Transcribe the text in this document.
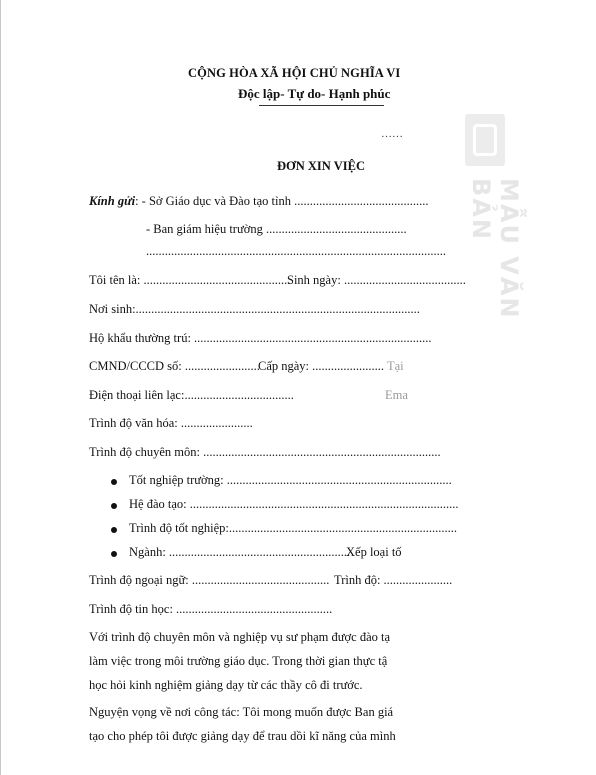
MẪU VĂN BẢN
CỘNG HÒA XÃ HỘI CHỦ NGHĨA VI
Độc lập- Tự do- Hạnh phúc
……
ĐƠN XIN VIỆC
Kính gửi: - Sở Giáo dục và Đào tạo tỉnh ...........................................
- Ban giám hiệu trường .............................................
................................................................................................
Tôi tên là: ...............................................
Sinh ngày: .......................................
Nơi sinh:...........................................................................................
Hộ khẩu thường trú: ............................................................................
CMND/CCCD số: ........................
Cấp ngày: ....................... Tại
Điện thoại liên lạc:...................................	Ema
Trình độ văn hóa: .......................
Trình độ chuyên môn: ............................................................................
Tốt nghiệp trường: ........................................................................
Hệ đào tạo: ......................................................................................
Trình độ tốt nghiệp:.........................................................................
Ngành: ..........................................................
Xếp loại tố
Trình độ ngoại ngữ: ............................................ Trình độ: ......................
Trình độ tin học: ..................................................
Với trình độ chuyên môn và nghiệp vụ sư phạm được đào tạ
làm việc trong môi trường giáo dục. Trong thời gian thực tậ
học hỏi kinh nghiệm giảng dạy từ các thầy cô đi trước.
Nguyện vọng về nơi công tác: Tôi mong muốn được Ban giá
tạo cho phép tôi được giảng dạy để trau dồi kĩ năng của mình
